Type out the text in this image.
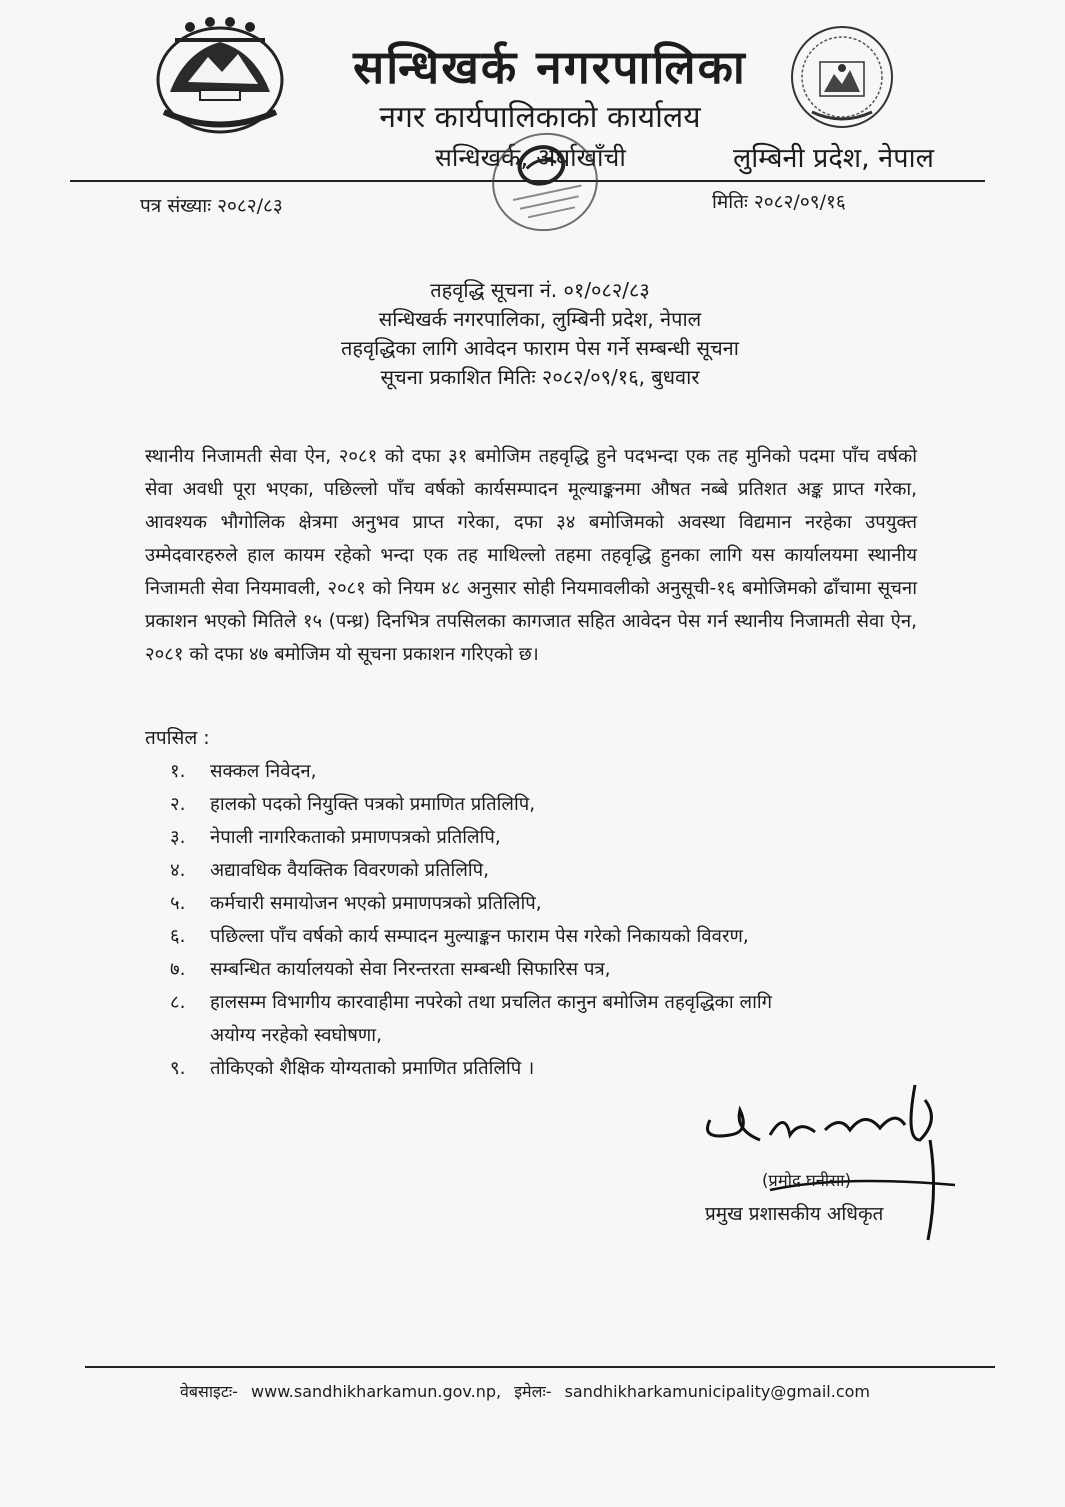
सन्धिखर्क नगरपालिका
नगर कार्यपालिकाको कार्यालय
सन्धिखर्क, अर्घाखाँची	लुम्बिनी प्रदेश, नेपाल
पत्र संख्याः २०८२/८३	मितिः २०८२/०९/१६
तहवृद्धि सूचना नं. ०१/०८२/८३
सन्धिखर्क नगरपालिका, लुम्बिनी प्रदेश, नेपाल
तहवृद्धिका लागि आवेदन फाराम पेस गर्ने सम्बन्धी सूचना
सूचना प्रकाशित मितिः २०८२/०९/१६, बुधवार
स्थानीय निजामती सेवा ऐन, २०८१ को दफा ३१ बमोजिम तहवृद्धि हुने पदभन्दा एक तह मुनिको पदमा पाँच वर्षको सेवा अवधी पूरा भएका, पछिल्लो पाँच वर्षको कार्यसम्पादन मूल्याङ्कनमा औषत नब्बे प्रतिशत अङ्क प्राप्त गरेका, आवश्यक भौगोलिक क्षेत्रमा अनुभव प्राप्त गरेका, दफा ३४ बमोजिमको अवस्था विद्यमान नरहेका उपयुक्त उम्मेदवारहरुले हाल कायम रहेको भन्दा एक तह माथिल्लो तहमा तहवृद्धि हुनका लागि यस कार्यालयमा स्थानीय निजामती सेवा नियमावली, २०८१ को नियम ४८ अनुसार सोही नियमावलीको अनुसूची-१६ बमोजिमको ढाँचामा सूचना प्रकाशन भएको मितिले १५ (पन्ध्र) दिनभित्र तपसिलका कागजात सहित आवेदन पेस गर्न स्थानीय निजामती सेवा ऐन, २०८१ को दफा ४७ बमोजिम यो सूचना प्रकाशन गरिएको छ।
तपसिल :
१. सक्कल निवेदन,
२. हालको पदको नियुक्ति पत्रको प्रमाणित प्रतिलिपि,
३. नेपाली नागरिकताको प्रमाणपत्रको प्रतिलिपि,
४. अद्यावधिक वैयक्तिक विवरणको प्रतिलिपि,
५. कर्मचारी समायोजन भएको प्रमाणपत्रको प्रतिलिपि,
६. पछिल्ला पाँच वर्षको कार्य सम्पादन मुल्याङ्कन फाराम पेस गरेको निकायको विवरण,
७. सम्बन्धित कार्यालयको सेवा निरन्तरता सम्बन्धी सिफारिस पत्र,
८. हालसम्म विभागीय कारवाहीमा नपरेको तथा प्रचलित कानुन बमोजिम तहवृद्धिका लागि
अयोग्य नरहेको स्वघोषणा,
९. तोकिएको शैक्षिक योग्यताको प्रमाणित प्रतिलिपि ।
(प्रमोद घनीसा)
प्रमुख प्रशासकीय अधिकृत
वेबसाइटः- www.sandhikharkamun.gov.np, इमेलः- sandhikharkamunicipality@gmail.com
